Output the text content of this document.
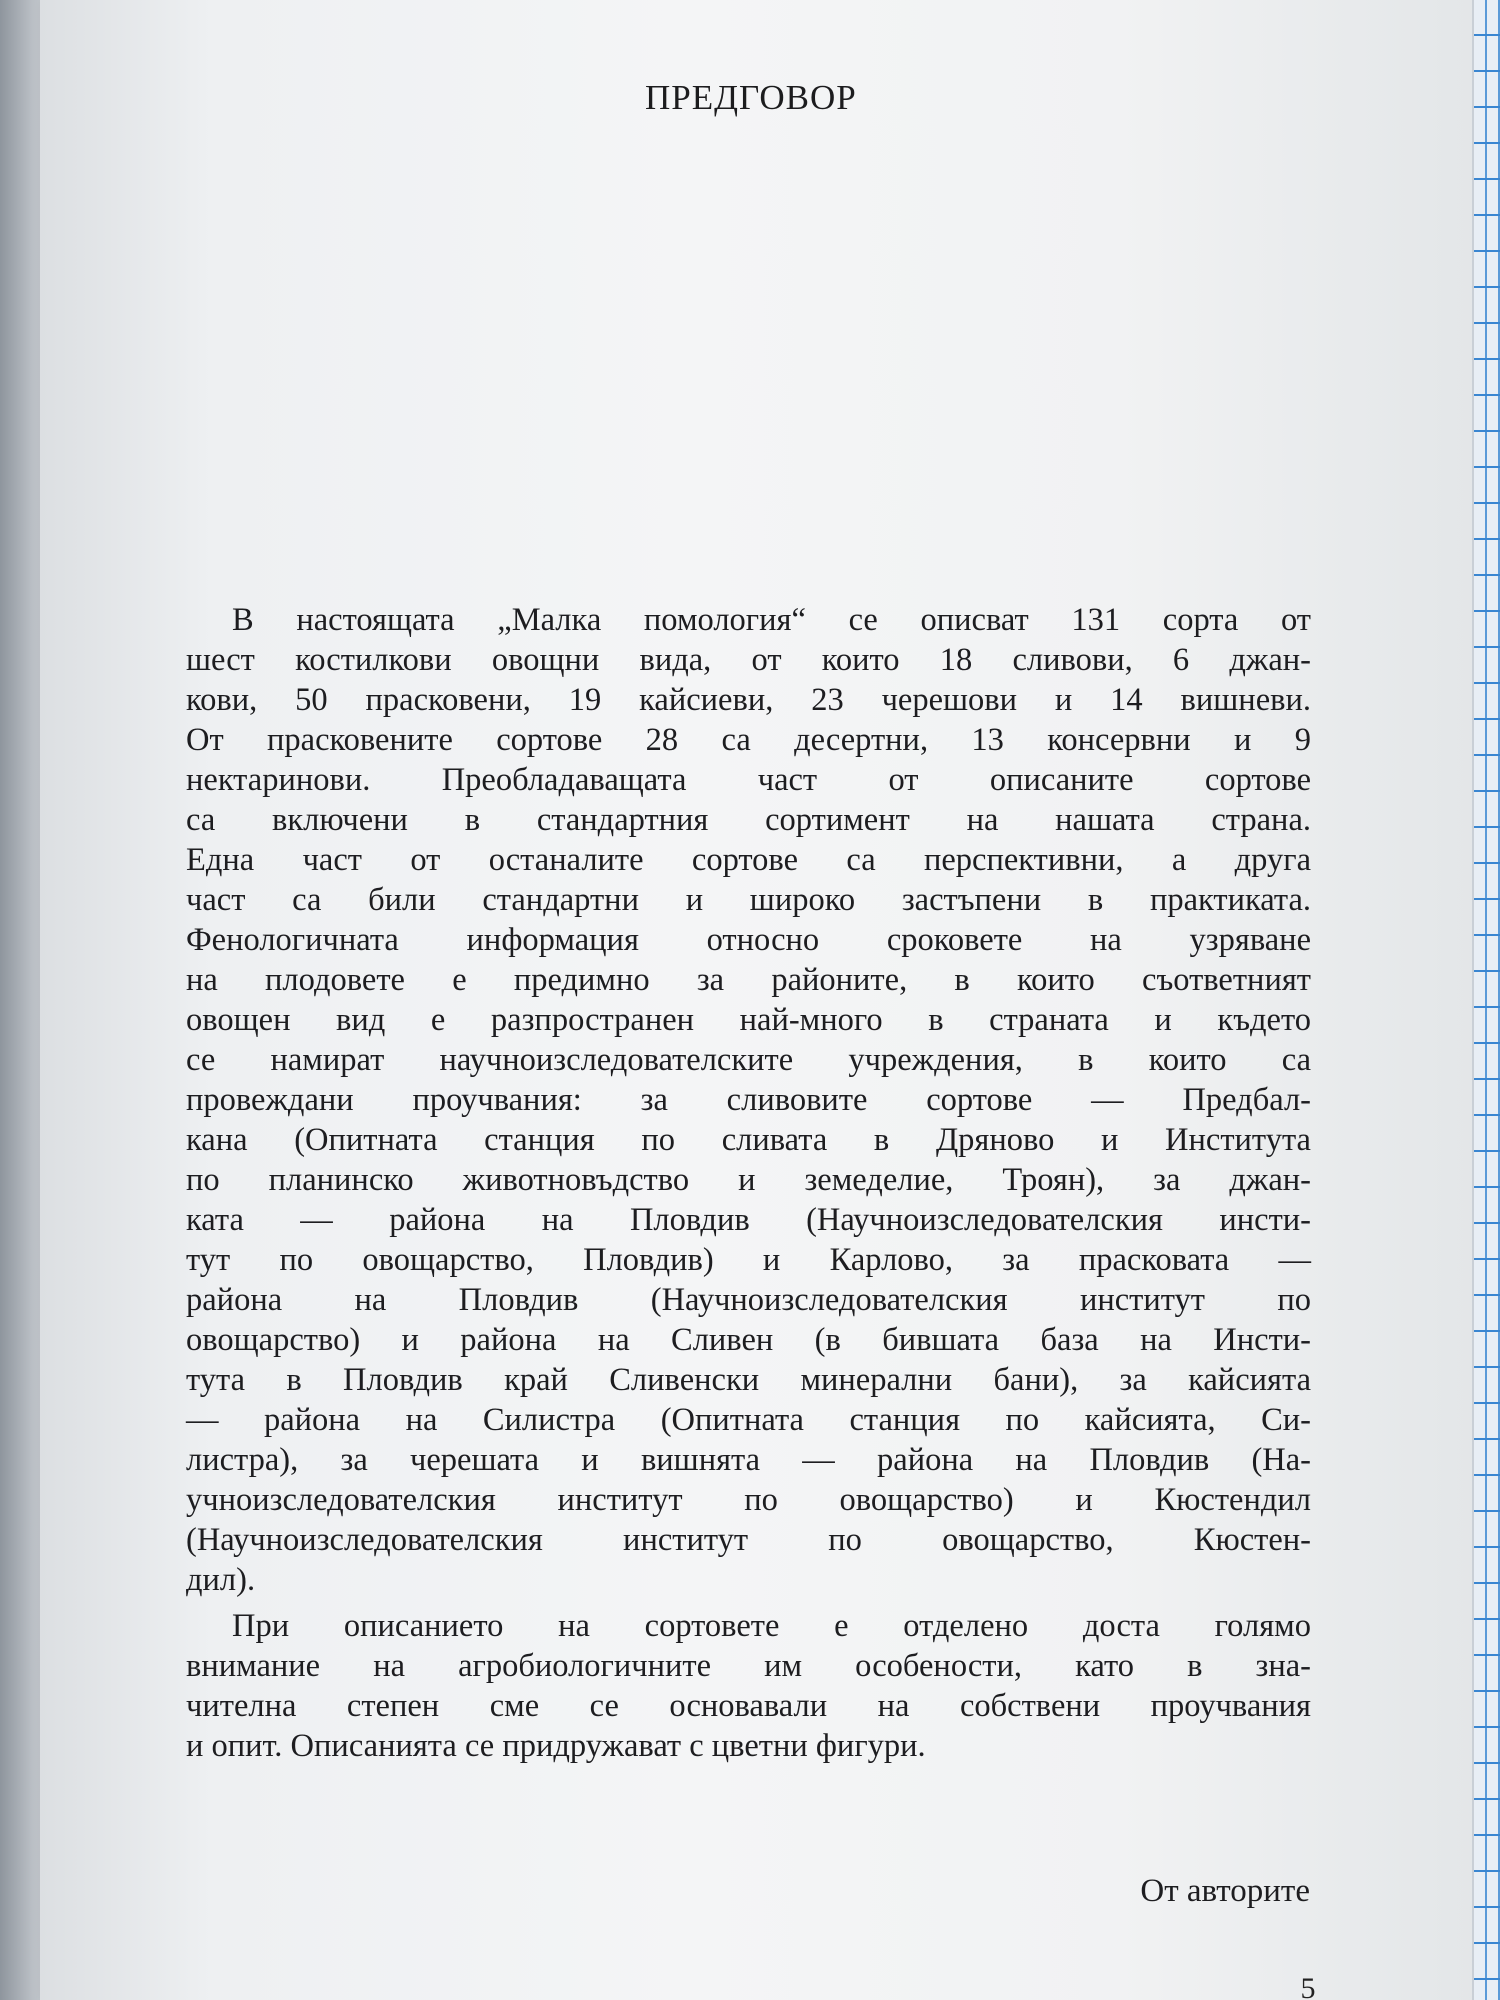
ПРЕДГОВОР
В настоящата „Малка помология“ се описват 131 сорта от
шест костилкови овощни вида, от които 18 сливови, 6 джан-
кови, 50 прасковени, 19 кайсиеви, 23 черешови и 14 вишневи.
От прасковените сортове 28 са десертни, 13 консервни и 9
нектаринови. Преобладаващата част от описаните сортове
са включени в стандартния сортимент на нашата страна.
Една част от останалите сортове са перспективни, а друга
част са били стандартни и широко застъпени в практиката.
Фенологичната информация относно сроковете на узряване
на плодовете е предимно за районите, в които съответният
овощен вид е разпространен най-много в страната и където
се намират научноизследователските учреждения, в които са
провеждани проучвания: за сливовите сортове — Предбал-
кана (Опитната станция по сливата в Дряново и Института
по планинско животновъдство и земеделие, Троян), за джан-
ката — района на Пловдив (Научноизследователския инсти-
тут по овощарство, Пловдив) и Карлово, за прасковата —
района на Пловдив (Научноизследователския институт по
овощарство) и района на Сливен (в бившата база на Инсти-
тута в Пловдив край Сливенски минерални бани), за кайсията
— района на Силистра (Опитната станция по кайсията, Си-
листра), за черешата и вишнята — района на Пловдив (На-
учноизследователския институт по овощарство) и Кюстендил
(Научноизследователския институт по овощарство, Кюстен-
дил).
При описанието на сортовете е отделено доста голямо
внимание на агробиологичните им особености, като в зна-
чителна степен сме се основавали на собствени проучвания
и опит. Описанията се придружават с цветни фигури.
От авторите
5
